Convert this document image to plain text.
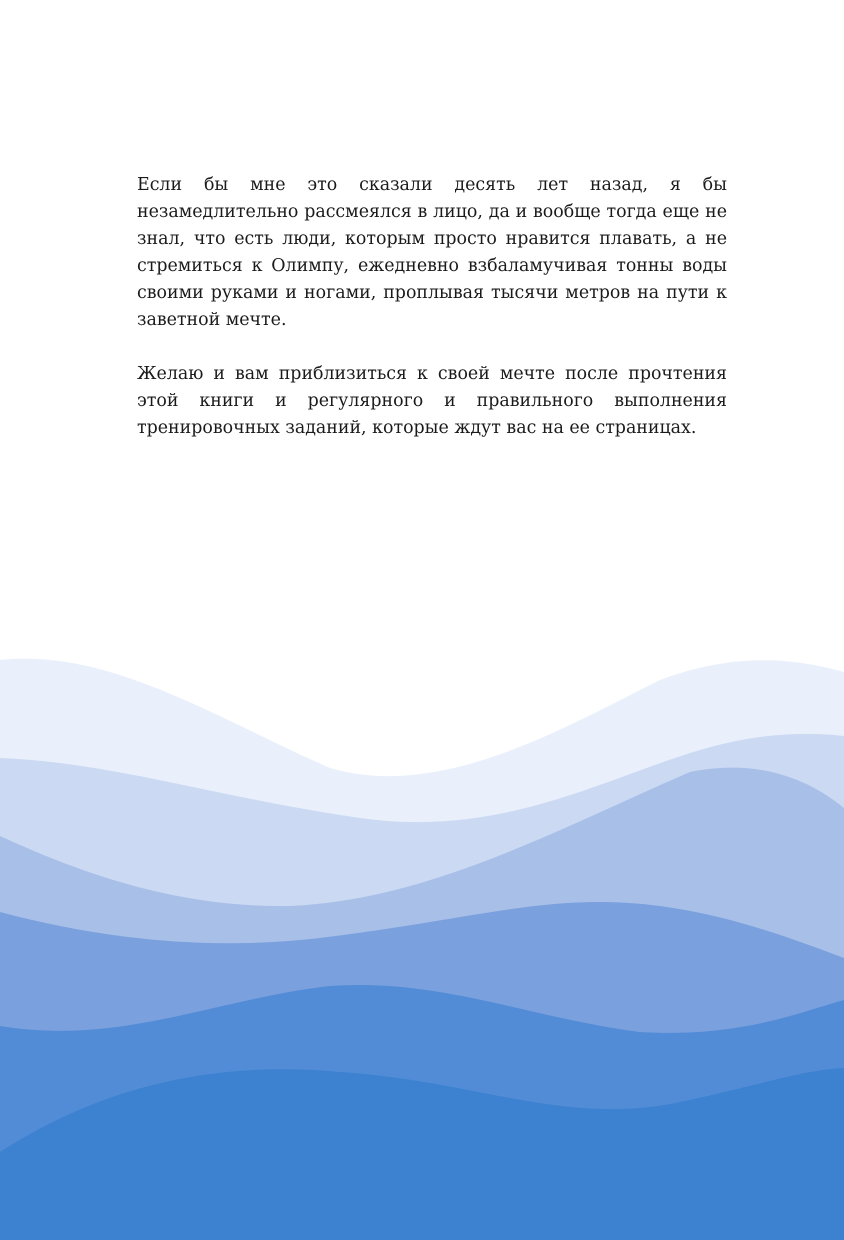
Если бы мне это сказали десять лет назад, я бы незамедлительно рассмеялся в лицо, да и вообще тогда еще не знал, что есть люди, которым просто нравится плавать, а не стремиться к Олимпу, ежедневно взбаламучивая тонны воды своими руками и ногами, проплывая тысячи метров на пути к заветной мечте.

Желаю и вам приблизиться к своей мечте после прочтения этой книги и регулярного и правильного выполнения тренировочных заданий, которые ждут вас на ее страницах.
